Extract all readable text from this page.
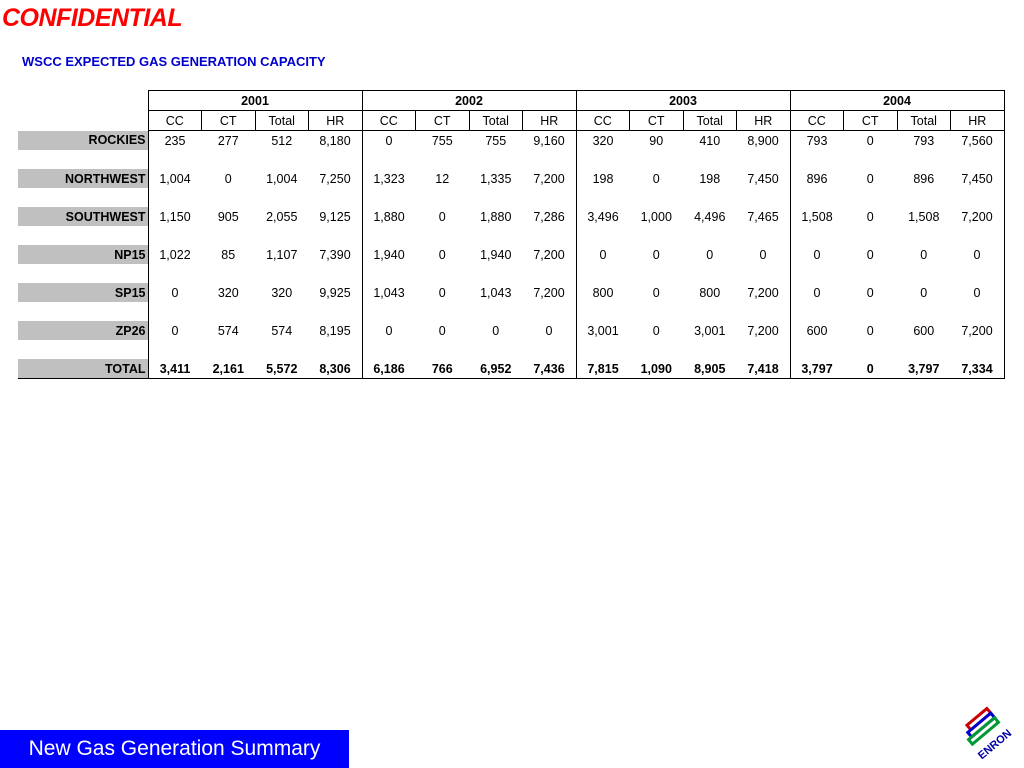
CONFIDENTIAL
WSCC EXPECTED GAS GENERATION CAPACITY
	2001				2002				2003				2004			
	CC	CT	Total	HR	CC	CT	Total	HR	CC	CT	Total	HR	CC	CT	Total	HR
ROCKIES	235	277	512	8,180	0	755	755	9,160	320	90	410	8,900	793	0	793	7,560

NORTHWEST	1,004	0	1,004	7,250	1,323	12	1,335	7,200	198	0	198	7,450	896	0	896	7,450

SOUTHWEST	1,150	905	2,055	9,125	1,880	0	1,880	7,286	3,496	1,000	4,496	7,465	1,508	0	1,508	7,200

NP15	1,022	85	1,107	7,390	1,940	0	1,940	7,200	0	0	0	0	0	0	0	0

SP15	0	320	320	9,925	1,043	0	1,043	7,200	800	0	800	7,200	0	0	0	0

ZP26	0	574	574	8,195	0	0	0	0	3,001	0	3,001	7,200	600	0	600	7,200

TOTAL	3,411	2,161	5,572	8,306	6,186	766	6,952	7,436	7,815	1,090	8,905	7,418	3,797	0	3,797	7,334
New Gas Generation Summary	ENRON
